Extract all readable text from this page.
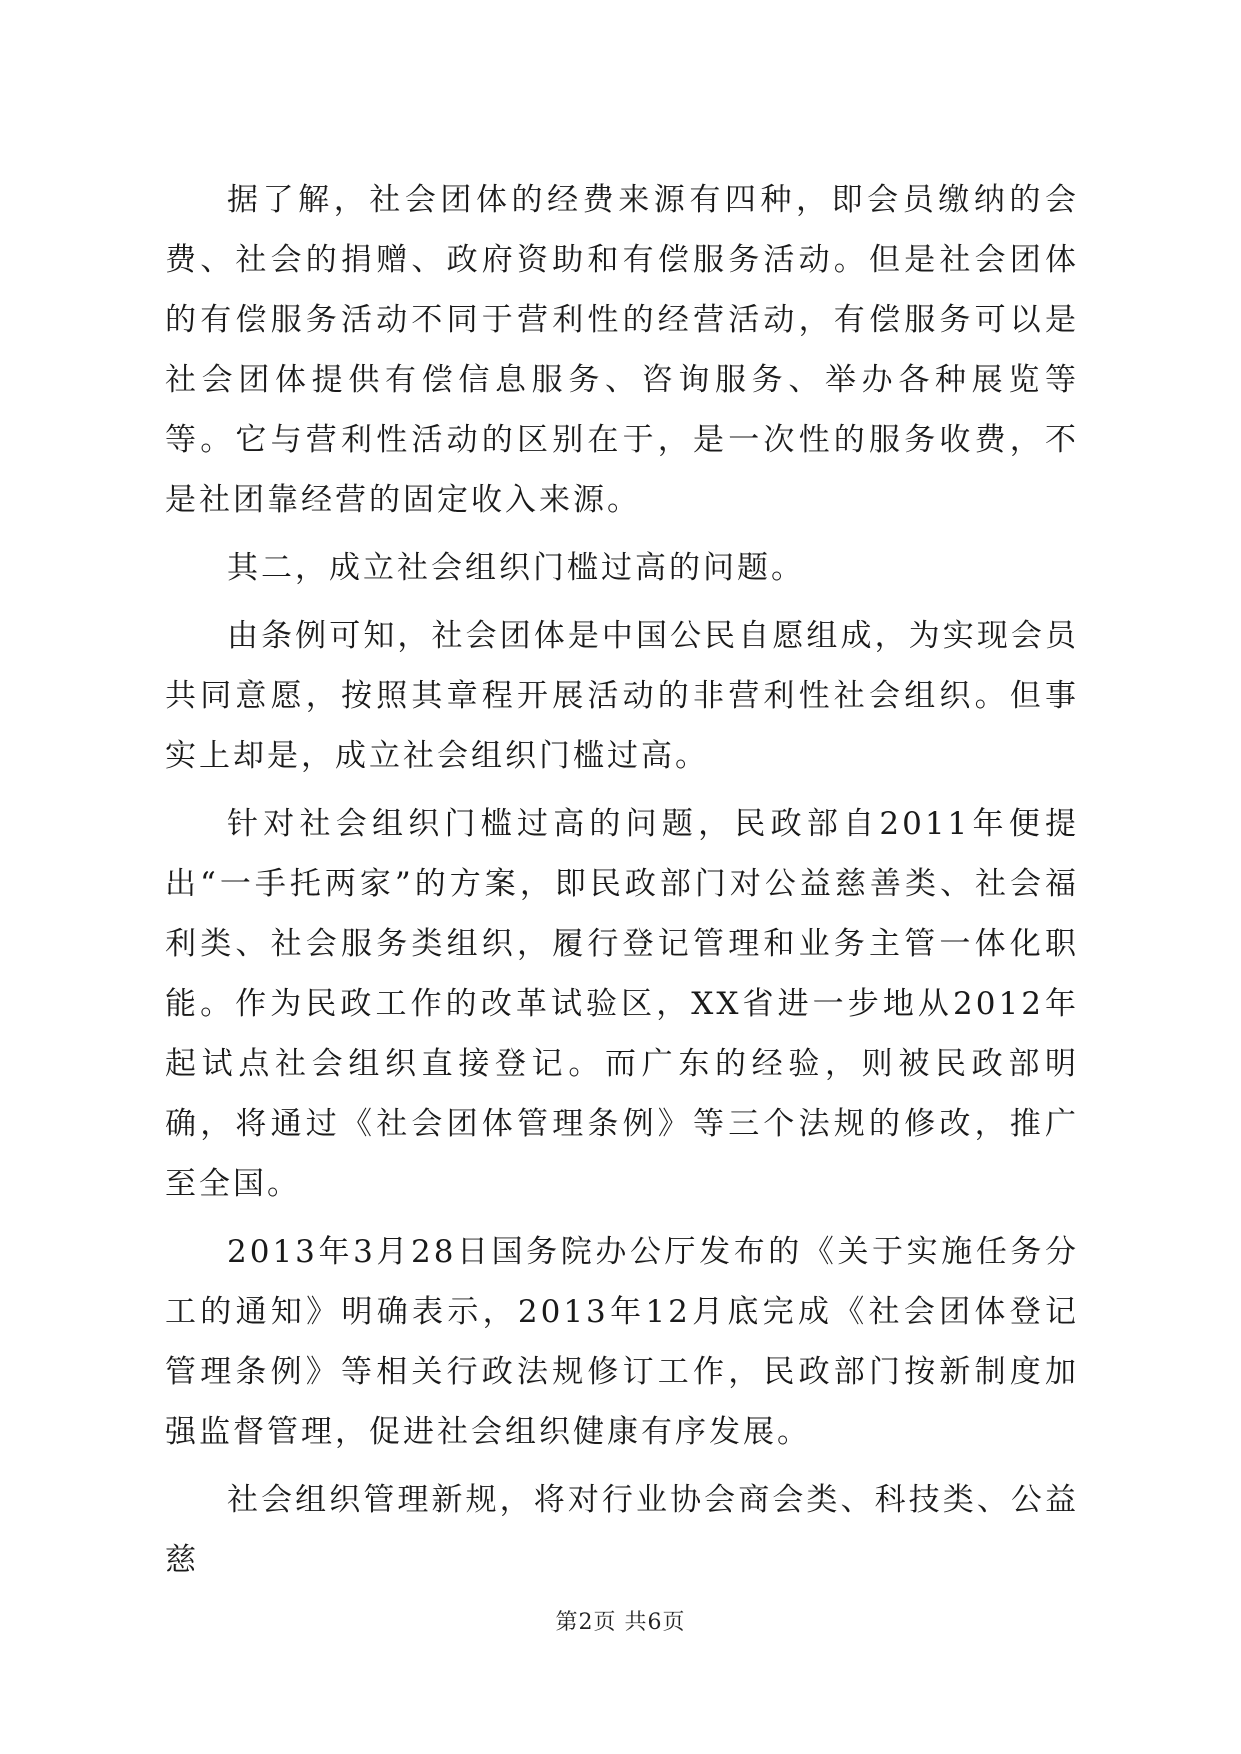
据了解，社会团体的经费来源有四种，即会员缴纳的会费、社会的捐赠、政府资助和有偿服务活动。但是社会团体的有偿服务活动不同于营利性的经营活动，有偿服务可以是社会团体提供有偿信息服务、咨询服务、举办各种展览等等。它与营利性活动的区别在于，是一次性的服务收费，不是社团靠经营的固定收入来源。

其二，成立社会组织门槛过高的问题。

由条例可知，社会团体是中国公民自愿组成，为实现会员共同意愿，按照其章程开展活动的非营利性社会组织。但事实上却是，成立社会组织门槛过高。

针对社会组织门槛过高的问题，民政部自2011年便提出“一手托两家”的方案，即民政部门对公益慈善类、社会福利类、社会服务类组织，履行登记管理和业务主管一体化职能。作为民政工作的改革试验区，XX省进一步地从2012年起试点社会组织直接登记。而广东的经验，则被民政部明确，将通过《社会团体管理条例》等三个法规的修改，推广至全国。

2013年3月28日国务院办公厅发布的《关于实施任务分工的通知》明确表示，2013年12月底完成《社会团体登记管理条例》等相关行政法规修订工作，民政部门按新制度加强监督管理，促进社会组织健康有序发展。

社会组织管理新规，将对行业协会商会类、科技类、公益慈

第2页 共6页
